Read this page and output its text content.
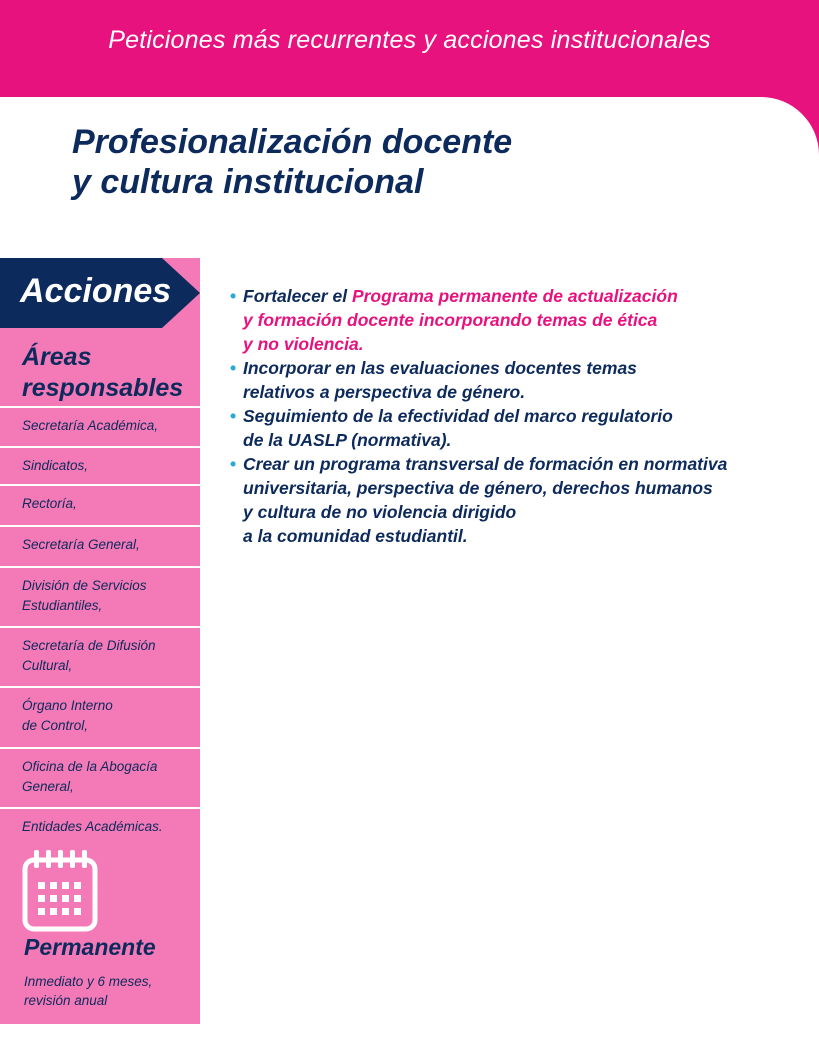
Peticiones más recurrentes y acciones institucionales
Profesionalización docente
y cultura institucional

Acciones

Áreas
responsables
Secretaría Académica,
Sindicatos,
Rectoría,
Secretaría General,
División de Servicios
Estudiantiles,
Secretaría de Difusión
Cultural,
Órgano Interno
de Control,
Oficina de la Abogacía
General,
Entidades Académicas.

Permanente

Inmediato y 6 meses,
revisión anual

• Fortalecer el Programa permanente de actualización
y formación docente incorporando temas de ética
y no violencia.
• Incorporar en las evaluaciones docentes temas
relativos a perspectiva de género.
• Seguimiento de la efectividad del marco regulatorio
de la UASLP (normativa).
• Crear un programa transversal de formación en normativa
universitaria, perspectiva de género, derechos humanos
y cultura de no violencia dirigido
a la comunidad estudiantil.
